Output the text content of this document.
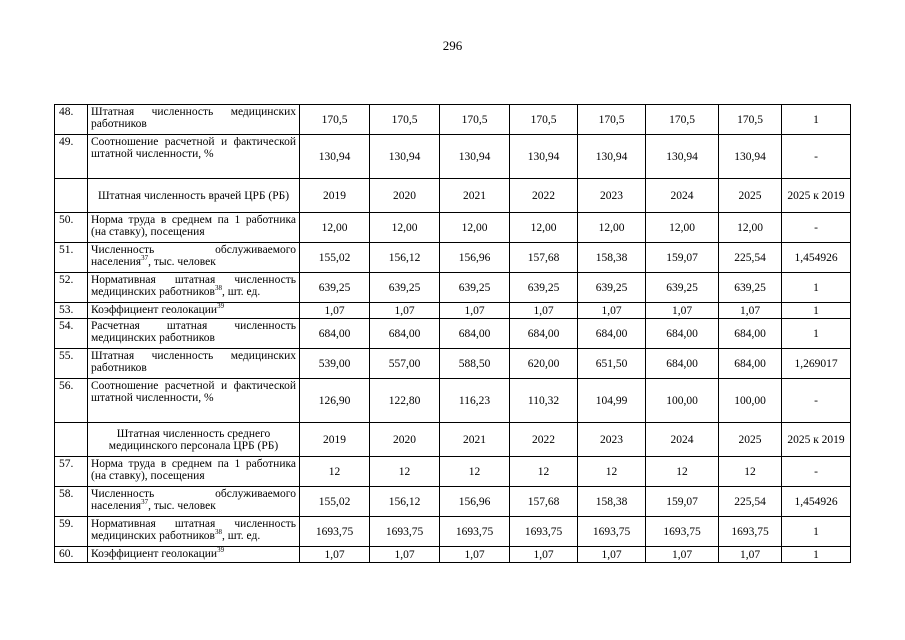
296
48.	Штатная численность медицинских работников	170,5	170,5	170,5	170,5	170,5	170,5	170,5	1
49.	Соотношение расчетной и фактической штатной численности, %	130,94	130,94	130,94	130,94	130,94	130,94	130,94	-
	Штатная численность врачей ЦРБ (РБ)	2019	2020	2021	2022	2023	2024	2025	2025 к 2019
50.	Норма труда в среднем па 1 работника (на ставку), посещения	12,00	12,00	12,00	12,00	12,00	12,00	12,00	-
51.	Численность обслуживаемого населения$^{37}$, тыс. человек	155,02	156,12	156,96	157,68	158,38	159,07	225,54	1,454926
52.	Нормативная штатная численность медицинских работников$^{38}$, шт. ед.	639,25	639,25	639,25	639,25	639,25	639,25	639,25	1
53.	Коэффициент геолокации$^{39}$	1,07	1,07	1,07	1,07	1,07	1,07	1,07	1
54.	Расчетная штатная численность медицинских работников	684,00	684,00	684,00	684,00	684,00	684,00	684,00	1
55.	Штатная численность медицинских работников	539,00	557,00	588,50	620,00	651,50	684,00	684,00	1,269017
56.	Соотношение расчетной и фактической штатной численности, %	126,90	122,80	116,23	110,32	104,99	100,00	100,00	-
	Штатная численность среднего медицинского персонала ЦРБ (РБ)	2019	2020	2021	2022	2023	2024	2025	2025 к 2019
57.	Норма труда в среднем па 1 работника (на ставку), посещения	12	12	12	12	12	12	12	-
58.	Численность обслуживаемого населения$^{37}$, тыс. человек	155,02	156,12	156,96	157,68	158,38	159,07	225,54	1,454926
59.	Нормативная штатная численность медицинских работников$^{38}$, шт. ед.	1693,75	1693,75	1693,75	1693,75	1693,75	1693,75	1693,75	1
60.	Коэффициент геолокации$^{39}$	1,07	1,07	1,07	1,07	1,07	1,07	1,07	1
